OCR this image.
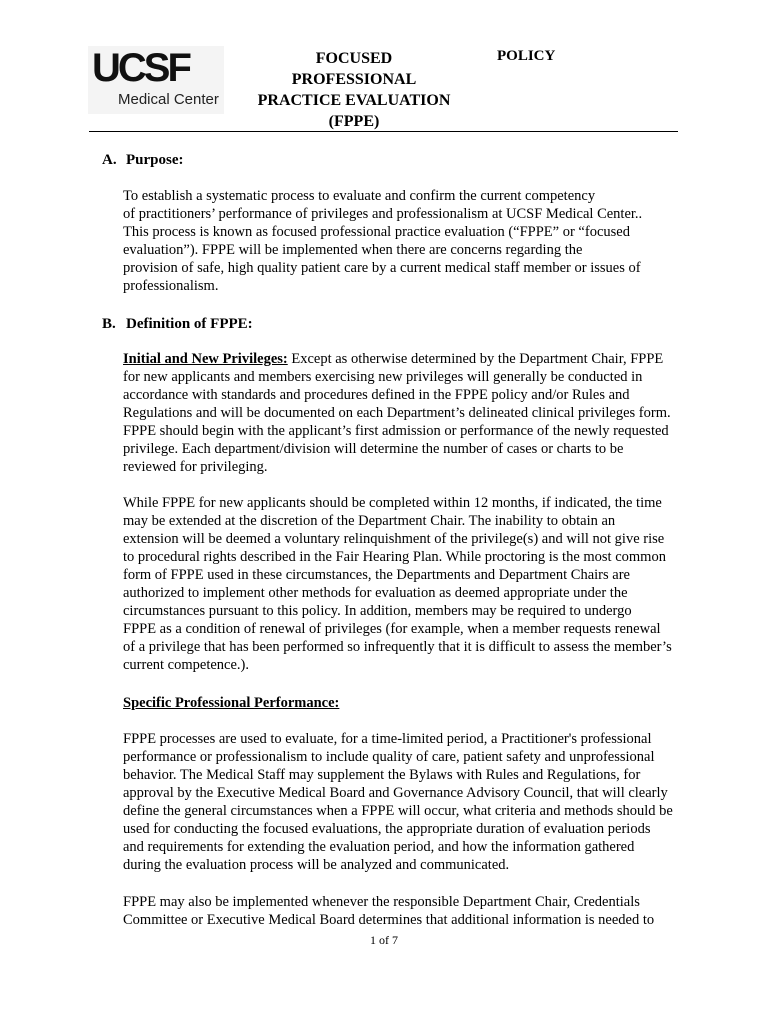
UCSF
Medical Center
FOCUSED
PROFESSIONAL
PRACTICE EVALUATION
(FPPE)
POLICY
A. Purpose:
To establish a systematic process to evaluate and confirm the current competency
of practitioners’ performance of privileges and professionalism at UCSF Medical Center..
This process is known as focused professional practice evaluation (“FPPE” or “focused
evaluation”). FPPE will be implemented when there are concerns regarding the
provision of safe, high quality patient care by a current medical staff member or issues of
professionalism.
B. Definition of FPPE:
Initial and New Privileges: Except as otherwise determined by the Department Chair, FPPE
for new applicants and members exercising new privileges will generally be conducted in
accordance with standards and procedures defined in the FPPE policy and/or Rules and
Regulations and will be documented on each Department’s delineated clinical privileges form.
FPPE should begin with the applicant’s first admission or performance of the newly requested
privilege. Each department/division will determine the number of cases or charts to be
reviewed for privileging.
While FPPE for new applicants should be completed within 12 months, if indicated, the time
may be extended at the discretion of the Department Chair. The inability to obtain an
extension will be deemed a voluntary relinquishment of the privilege(s) and will not give rise
to procedural rights described in the Fair Hearing Plan. While proctoring is the most common
form of FPPE used in these circumstances, the Departments and Department Chairs are
authorized to implement other methods for evaluation as deemed appropriate under the
circumstances pursuant to this policy. In addition, members may be required to undergo
FPPE as a condition of renewal of privileges (for example, when a member requests renewal
of a privilege that has been performed so infrequently that it is difficult to assess the member’s
current competence.).
Specific Professional Performance:
FPPE processes are used to evaluate, for a time-limited period, a Practitioner's professional
performance or professionalism to include quality of care, patient safety and unprofessional
behavior. The Medical Staff may supplement the Bylaws with Rules and Regulations, for
approval by the Executive Medical Board and Governance Advisory Council, that will clearly
define the general circumstances when a FPPE will occur, what criteria and methods should be
used for conducting the focused evaluations, the appropriate duration of evaluation periods
and requirements for extending the evaluation period, and how the information gathered
during the evaluation process will be analyzed and communicated.
FPPE may also be implemented whenever the responsible Department Chair, Credentials
Committee or Executive Medical Board determines that additional information is needed to
1 of 7
